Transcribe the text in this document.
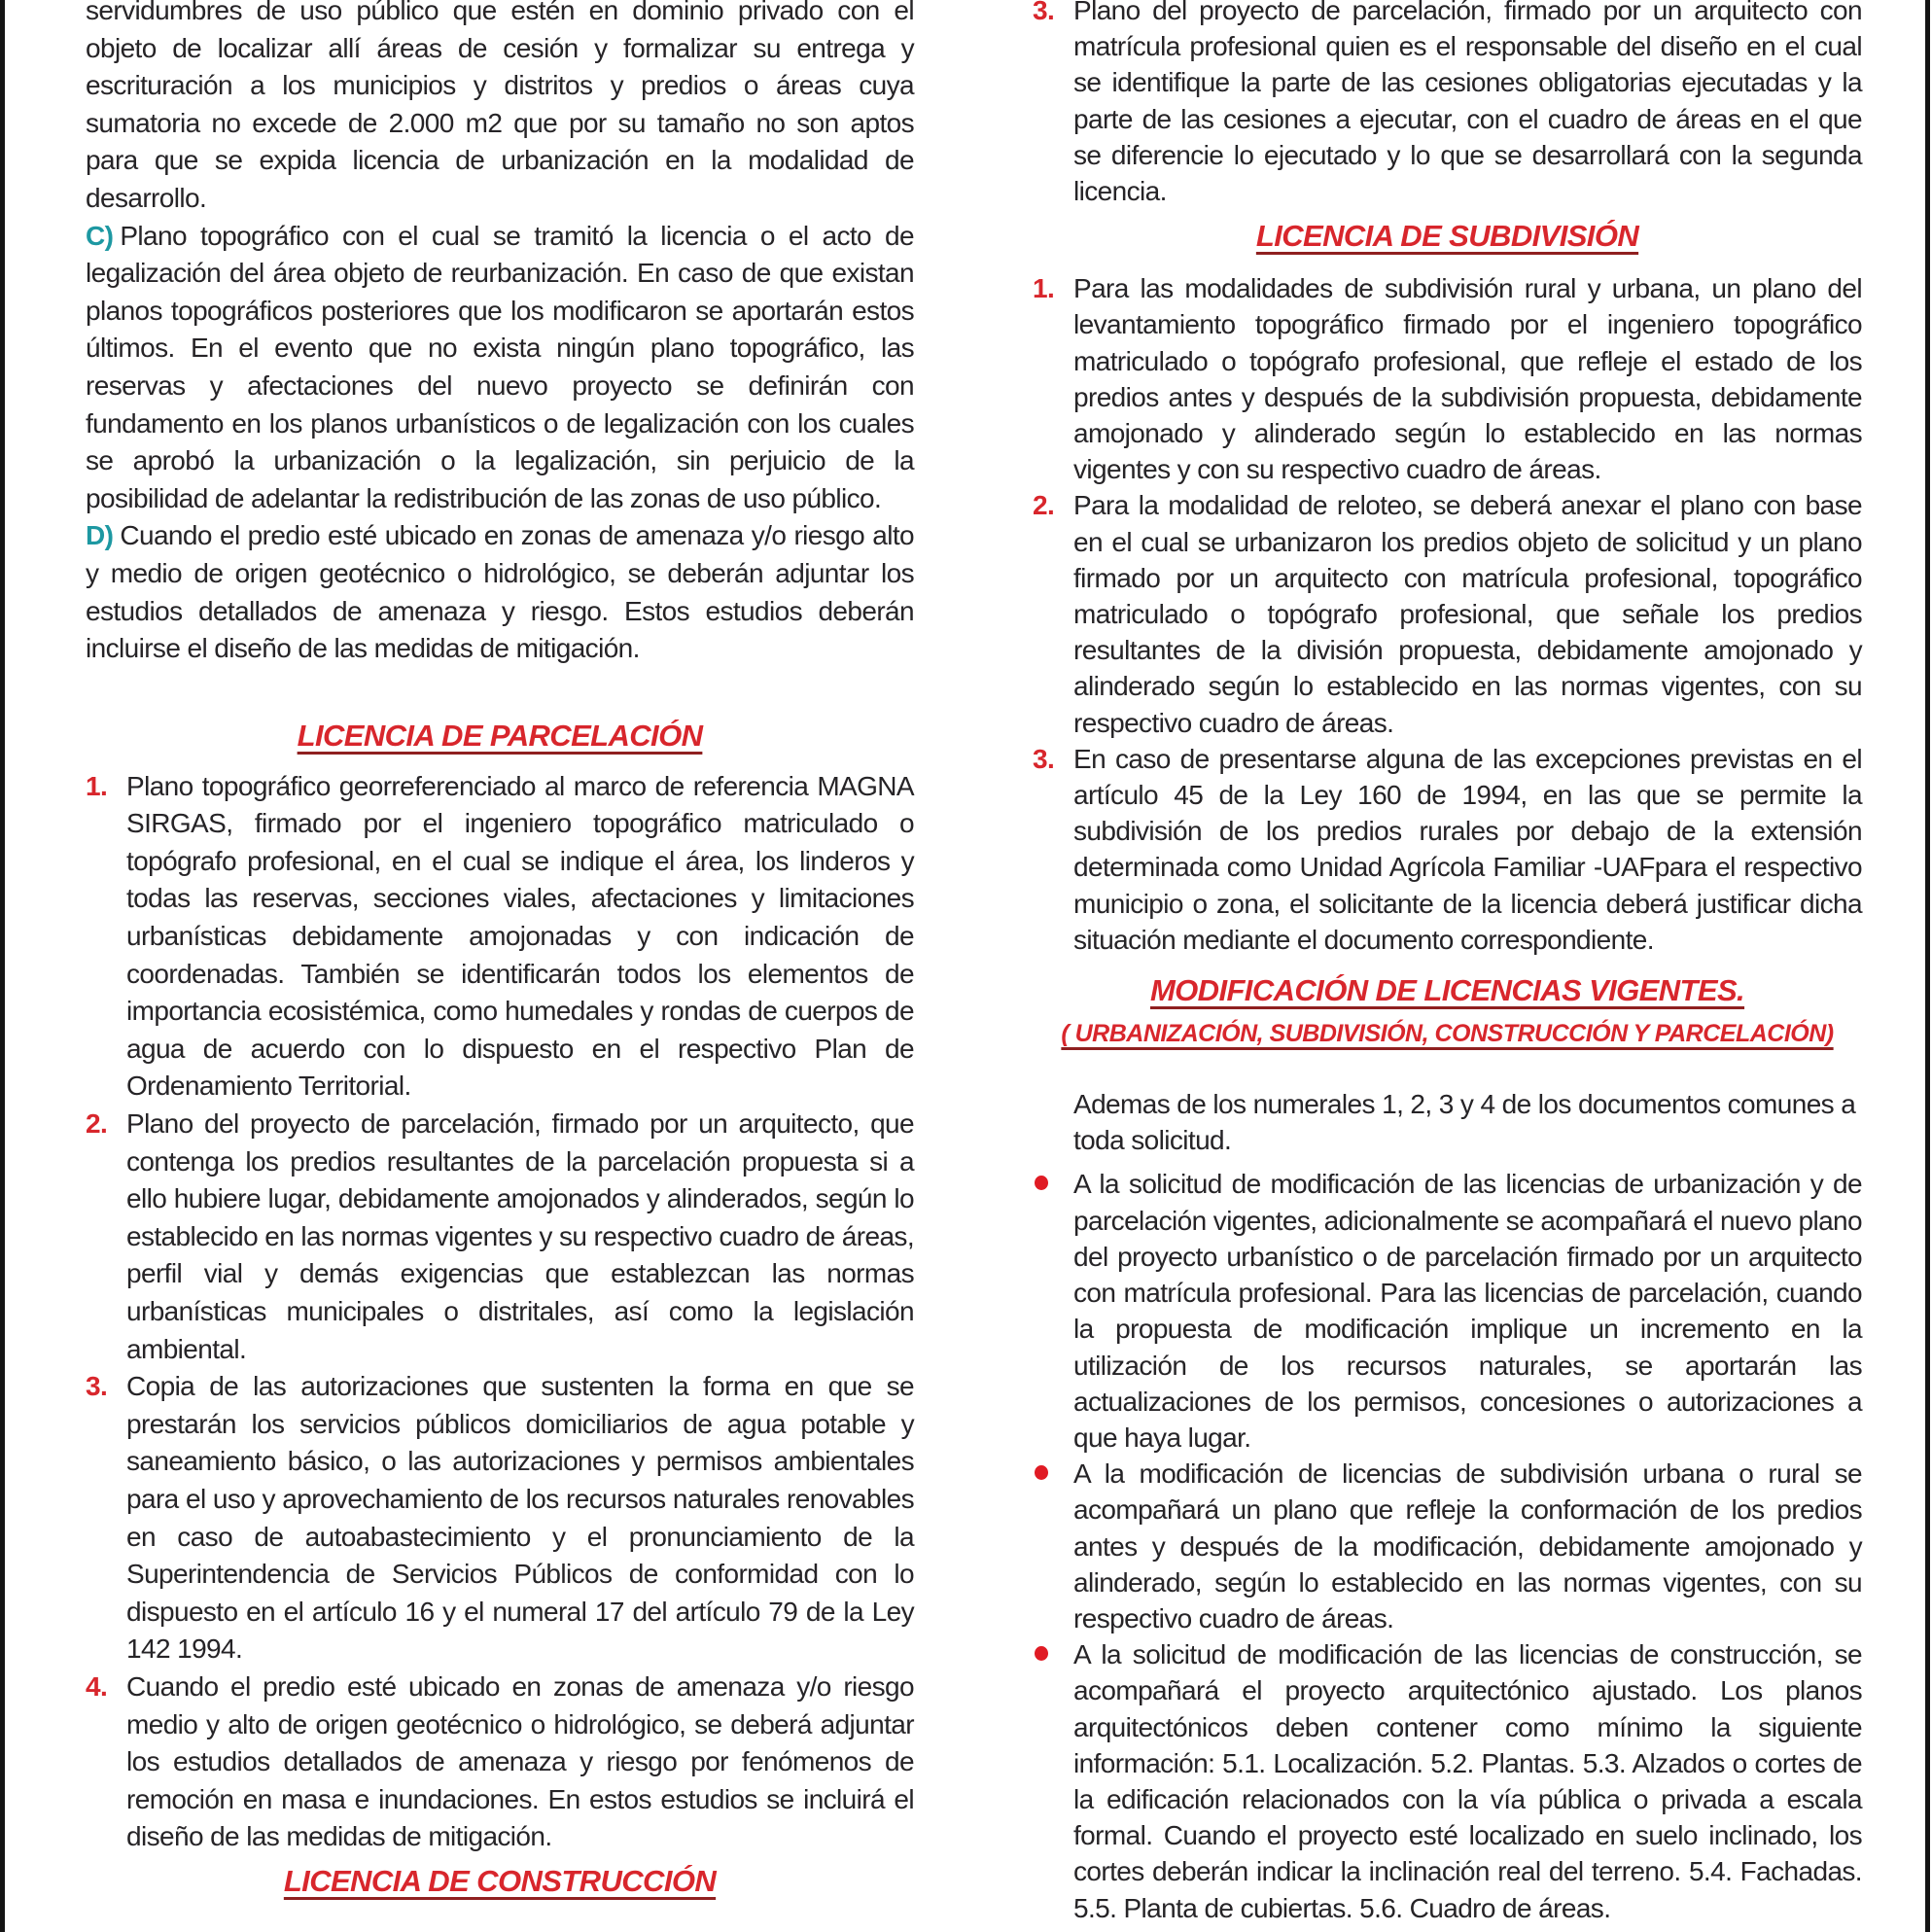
servidumbres de uso público que estén en dominio privado con el objeto de localizar allí áreas de cesión y formalizar su entrega y escrituración a los municipios y distritos y predios o áreas cuya sumatoria no excede de 2.000 m2 que por su tamaño no son aptos para que se expida licencia de urbanización en la modalidad de desarrollo.

C) Plano topográfico con el cual se tramitó la licencia o el acto de legalización del área objeto de reurbanización. En caso de que existan planos topográficos posteriores que los modificaron se aportarán estos últimos. En el evento que no exista ningún plano topográfico, las reservas y afectaciones del nuevo proyecto se definirán con fundamento en los planos urbanísticos o de legalización con los cuales se aprobó la urbanización o la legalización, sin perjuicio de la posibilidad de adelantar la redistribución de las zonas de uso público.

D) Cuando el predio esté ubicado en zonas de amenaza y/o riesgo alto y medio de origen geotécnico o hidrológico, se deberán adjuntar los estudios detallados de amenaza y riesgo. Estos estudios deberán incluirse el diseño de las medidas de mitigación.

LICENCIA DE PARCELACIÓN
1. Plano topográfico georreferenciado al marco de referencia MAGNA SIRGAS, firmado por el ingeniero topográfico matriculado o topógrafo profesional, en el cual se indique el área, los linderos y todas las reservas, secciones viales, afectaciones y limitaciones urbanísticas debidamente amojonadas y con indicación de coordenadas. También se identificarán todos los elementos de importancia ecosistémica, como humedales y rondas de cuerpos de agua de acuerdo con lo dispuesto en el respectivo Plan de Ordenamiento Territorial.
2. Plano del proyecto de parcelación, firmado por un arquitecto, que contenga los predios resultantes de la parcelación propuesta si a ello hubiere lugar, debidamente amojonados y alinderados, según lo establecido en las normas vigentes y su respectivo cuadro de áreas, perfil vial y demás exigencias que establezcan las normas urbanísticas municipales o distritales, así como la legislación ambiental.
3. Copia de las autorizaciones que sustenten la forma en que se prestarán los servicios públicos domiciliarios de agua potable y saneamiento básico, o las autorizaciones y permisos ambientales para el uso y aprovechamiento de los recursos naturales renovables en caso de autoabastecimiento y el pronunciamiento de la Superintendencia de Servicios Públicos de conformidad con lo dispuesto en el artículo 16 y el numeral 17 del artículo 79 de la Ley 142 1994.
4. Cuando el predio esté ubicado en zonas de amenaza y/o riesgo medio y alto de origen geotécnico o hidrológico, se deberá adjuntar los estudios detallados de amenaza y riesgo por fenómenos de remoción en masa e inundaciones. En estos estudios se incluirá el diseño de las medidas de mitigación.
LICENCIA DE CONSTRUCCIÓN
3. Plano del proyecto de parcelación, firmado por un arquitecto con matrícula profesional quien es el responsable del diseño en el cual se identifique la parte de las cesiones obligatorias ejecutadas y la parte de las cesiones a ejecutar, con el cuadro de áreas en el que se diferencie lo ejecutado y lo que se desarrollará con la segunda licencia.
LICENCIA DE SUBDIVISIÓN
1. Para las modalidades de subdivisión rural y urbana, un plano del levantamiento topográfico firmado por el ingeniero topográfico matriculado o topógrafo profesional, que refleje el estado de los predios antes y después de la subdivisión propuesta, debidamente amojonado y alinderado según lo establecido en las normas vigentes y con su respectivo cuadro de áreas.
2. Para la modalidad de reloteo, se deberá anexar el plano con base en el cual se urbanizaron los predios objeto de solicitud y un plano firmado por un arquitecto con matrícula profesional, topográfico matriculado o topógrafo profesional, que señale los predios resultantes de la división propuesta, debidamente amojonado y alinderado según lo establecido en las normas vigentes, con su respectivo cuadro de áreas.
3. En caso de presentarse alguna de las excepciones previstas en el artículo 45 de la Ley 160 de 1994, en las que se permite la subdivisión de los predios rurales por debajo de la extensión determinada como Unidad Agrícola Familiar -UAFpara el respectivo municipio o zona, el solicitante de la licencia deberá justificar dicha situación mediante el documento correspondiente.
MODIFICACIÓN DE LICENCIAS VIGENTES.
( URBANIZACIÓN, SUBDIVISIÓN, CONSTRUCCIÓN Y PARCELACIÓN)

Ademas de los numerales 1, 2, 3 y 4 de los documentos comunes a toda solicitud.

A la solicitud de modificación de las licencias de urbanización y de parcelación vigentes, adicionalmente se acompañará el nuevo plano del proyecto urbanístico o de parcelación firmado por un arquitecto con matrícula profesional. Para las licencias de parcelación, cuando la propuesta de modificación implique un incremento en la utilización de los recursos naturales, se aportarán las actualizaciones de los permisos, concesiones o autorizaciones a que haya lugar.
A la modificación de licencias de subdivisión urbana o rural se acompañará un plano que refleje la conformación de los predios antes y después de la modificación, debidamente amojonado y alinderado, según lo establecido en las normas vigentes, con su respectivo cuadro de áreas.
A la solicitud de modificación de las licencias de construcción, se acompañará el proyecto arquitectónico ajustado. Los planos arquitectónicos deben contener como mínimo la siguiente información: 5.1. Localización. 5.2. Plantas. 5.3. Alzados o cortes de la edificación relacionados con la vía pública o privada a escala formal. Cuando el proyecto esté localizado en suelo inclinado, los cortes deberán indicar la inclinación real del terreno. 5.4. Fachadas. 5.5. Planta de cubiertas. 5.6. Cuadro de áreas.
